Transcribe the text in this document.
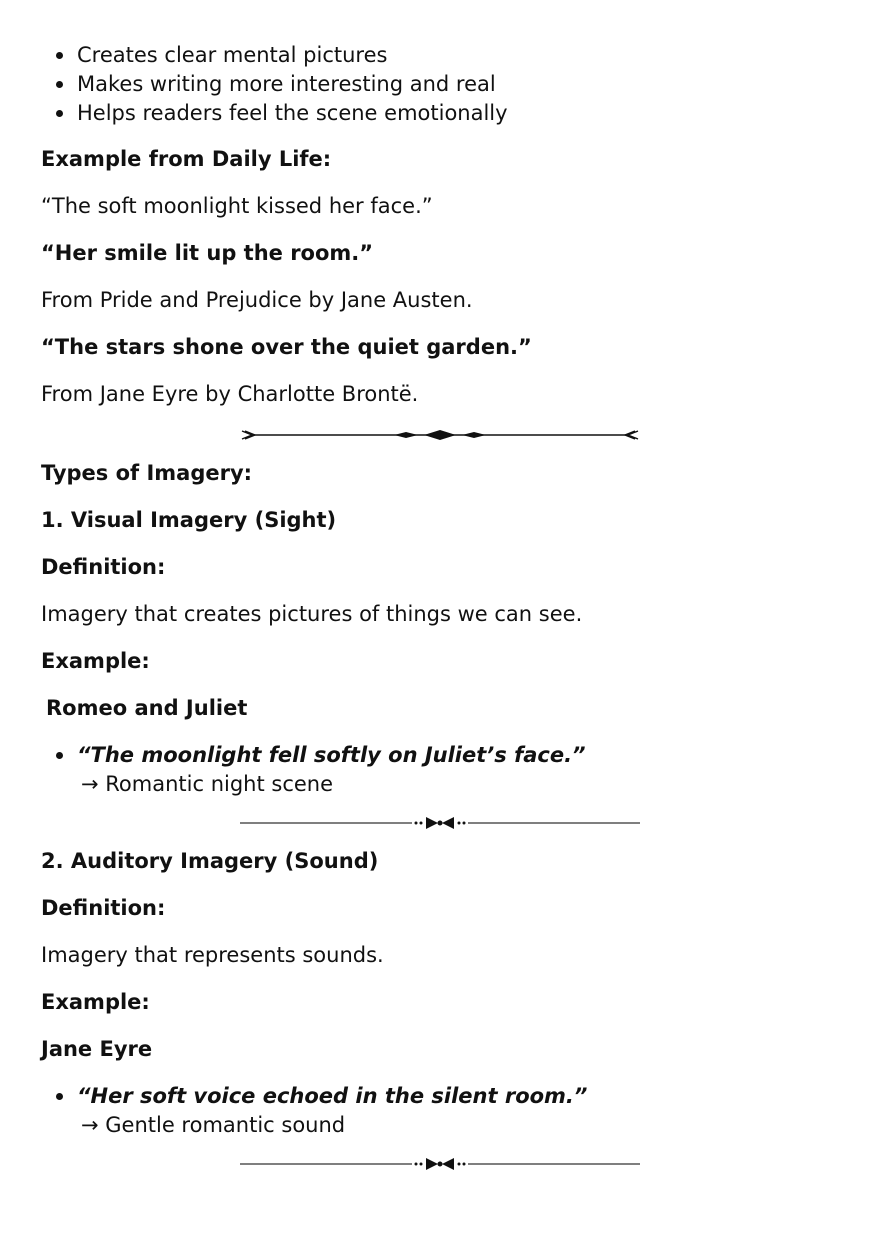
Creates clear mental pictures
Makes writing more interesting and real
Helps readers feel the scene emotionally
Example from Daily Life:
“The soft moonlight kissed her face.”
“Her smile lit up the room.”
From Pride and Prejudice by Jane Austen.
“The stars shone over the quiet garden.”
From Jane Eyre by Charlotte Brontë.
Types of Imagery:
1. Visual Imagery (Sight)
Definition:
Imagery that creates pictures of things we can see.
Example:
Romeo and Juliet
“The moonlight fell softly on Juliet’s face.”
→ Romantic night scene
2. Auditory Imagery (Sound)
Definition:
Imagery that represents sounds.
Example:
Jane Eyre
“Her soft voice echoed in the silent room.”
→ Gentle romantic sound
